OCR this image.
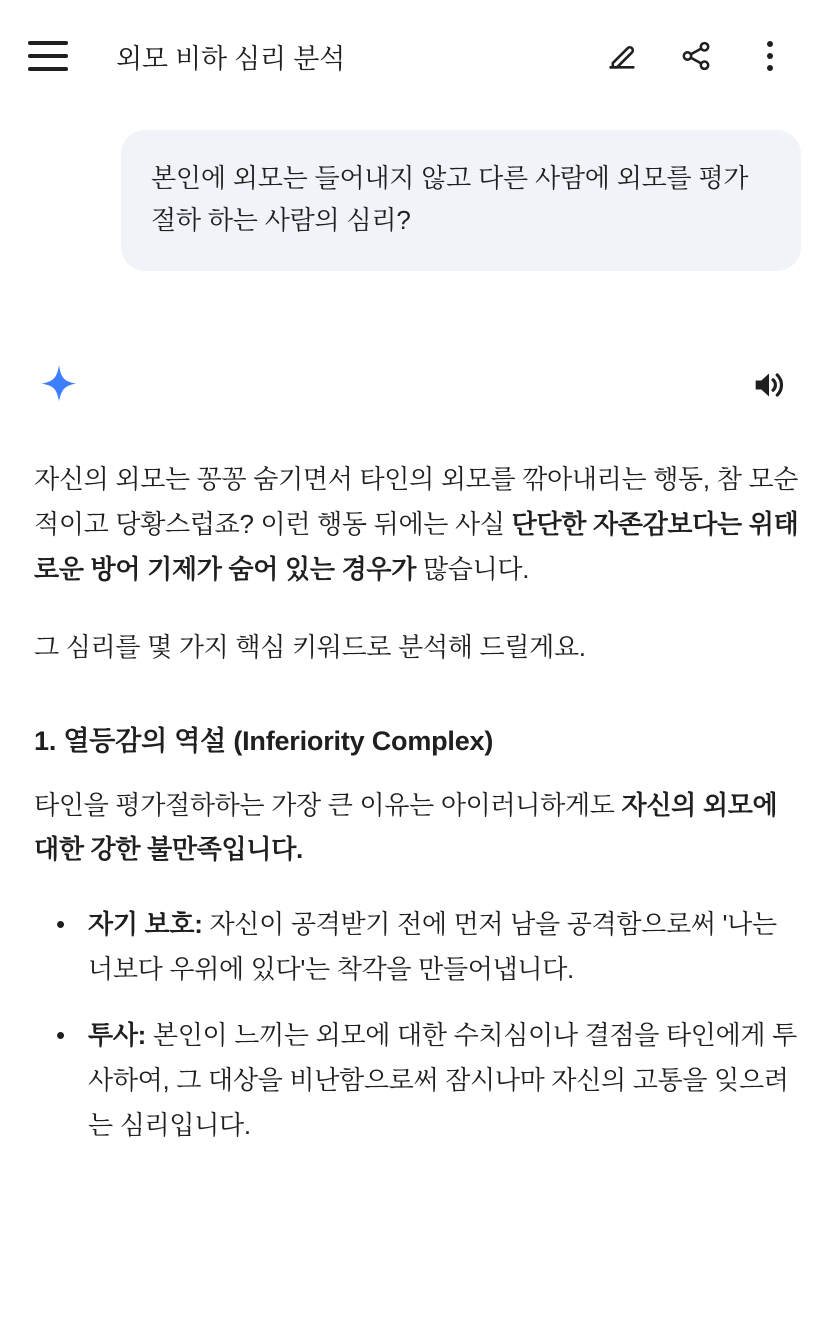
외모 비하 심리 분석
본인에 외모는 들어내지 않고 다른 사람에 외모를 평가절하 하는 사람의 심리?

자신의 외모는 꽁꽁 숨기면서 타인의 외모를 깎아내리는 행동, 참 모순적이고 당황스럽죠? 이런 행동 뒤에는 사실 단단한 자존감보다는 위태로운 방어 기제가 숨어 있는 경우가 많습니다.

그 심리를 몇 가지 핵심 키워드로 분석해 드릴게요.

1. 열등감의 역설 (Inferiority Complex)

타인을 평가절하하는 가장 큰 이유는 아이러니하게도 자신의 외모에 대한 강한 불만족입니다.

• 자기 보호: 자신이 공격받기 전에 먼저 남을 공격함으로써 '나는 너보다 우위에 있다'는 착각을 만들어냅니다.
• 투사: 본인이 느끼는 외모에 대한 수치심이나 결점을 타인에게 투사하여, 그 대상을 비난함으로써 잠시나마 자신의 고통을 잊으려는 심리입니다.
